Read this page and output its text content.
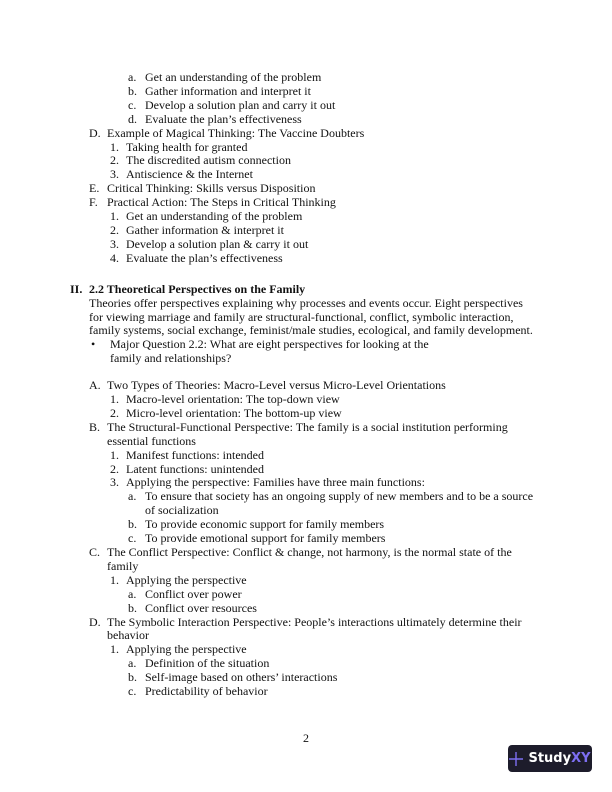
a. Get an understanding of the problem
b. Gather information and interpret it
c. Develop a solution plan and carry it out
d. Evaluate the plan’s effectiveness
D. Example of Magical Thinking: The Vaccine Doubters
1. Taking health for granted
2. The discredited autism connection
3. Antiscience & the Internet
E. Critical Thinking: Skills versus Disposition
F. Practical Action: The Steps in Critical Thinking
1. Get an understanding of the problem
2. Gather information & interpret it
3. Develop a solution plan & carry it out
4. Evaluate the plan’s effectiveness
II. 2.2 Theoretical Perspectives on the Family
Theories offer perspectives explaining why processes and events occur. Eight perspectives for viewing marriage and family are structural-functional, conflict, symbolic interaction, family systems, social exchange, feminist/male studies, ecological, and family development.
• Major Question 2.2: What are eight perspectives for looking at the family and relationships?
A. Two Types of Theories: Macro-Level versus Micro-Level Orientations
1. Macro-level orientation: The top-down view
2. Micro-level orientation: The bottom-up view
B. The Structural-Functional Perspective: The family is a social institution performing essential functions
1. Manifest functions: intended
2. Latent functions: unintended
3. Applying the perspective: Families have three main functions:
a. To ensure that society has an ongoing supply of new members and to be a source of socialization
b. To provide economic support for family members
c. To provide emotional support for family members
C. The Conflict Perspective: Conflict & change, not harmony, is the normal state of the family
1. Applying the perspective
a. Conflict over power
b. Conflict over resources
D. The Symbolic Interaction Perspective: People’s interactions ultimately determine their behavior
1. Applying the perspective
a. Definition of the situation
b. Self-image based on others’ interactions
c. Predictability of behavior
2
StudyXY
